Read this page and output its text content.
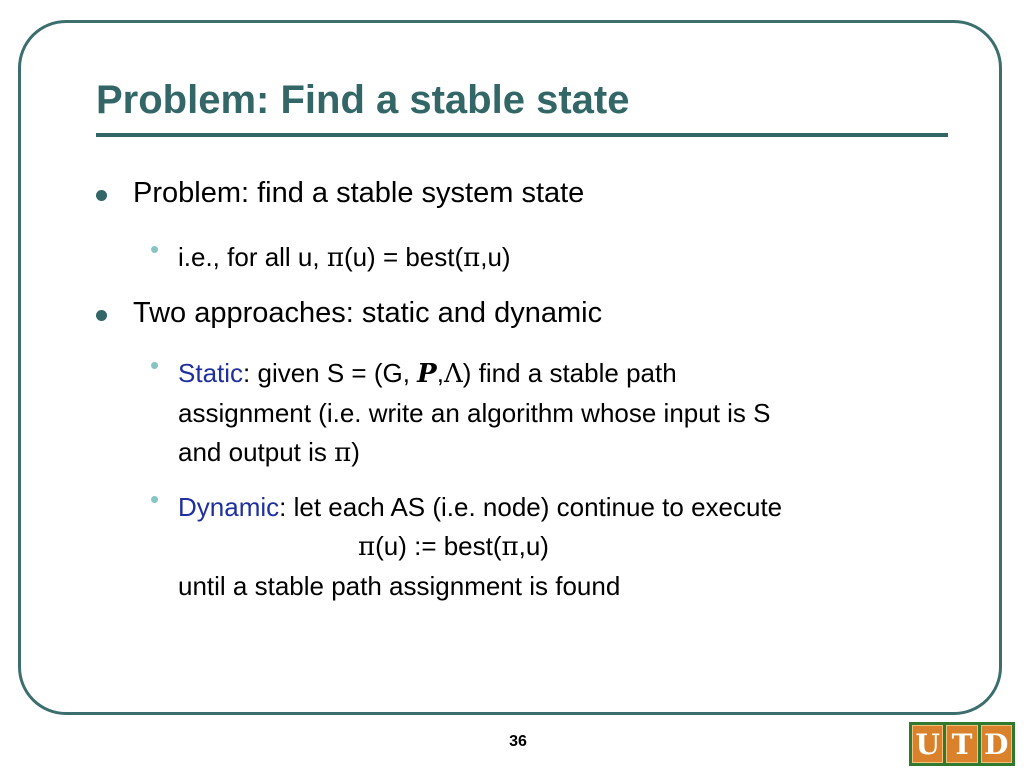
Problem: Find a stable state
Problem: find a stable system state
• i.e., for all u, π(u) = best(π,u)
Two approaches: static and dynamic
• Static: given S = (G, P,Λ) find a stable path
assignment (i.e. write an algorithm whose input is S
and output is π)
• Dynamic: let each AS (i.e. node) continue to execute
π(u) := best(π,u)
until a stable path assignment is found
36	U T D
